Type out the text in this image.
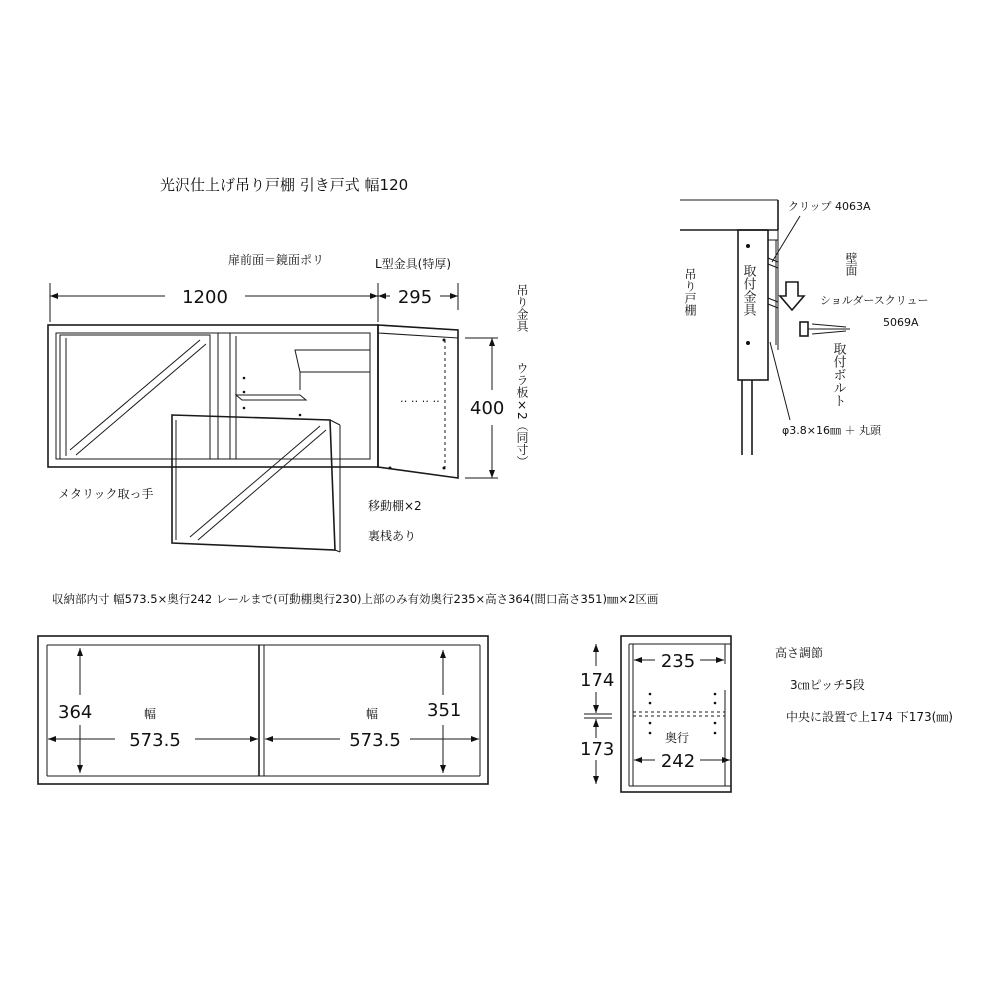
光沢仕上げ吊り戸棚 引き戸式 幅120
1200	295
扉前面＝鏡面ポリ	L型金具(特厚)
‥ ‥ ‥ ‥ 400
吊り金具
ウラ板×2（同寸）
メタリック取っ手
移動棚×2
裏桟あり
取付金具
吊り戸棚
クリップ 4063A
壁面
ショルダースクリュー
5069A
取付ボルト
φ3.8×16㎜ ＋ 丸頭
収納部内寸 幅573.5×奥行242 レールまで(可動棚奥行230)上部のみ有効奥行235×高さ364(間口高さ351)㎜×2区画
364	351
幅
573.5
幅
573.5
235
奥行
242
174
173
高さ調節
3㎝ピッチ5段
中央に設置で上174 下173(㎜)
